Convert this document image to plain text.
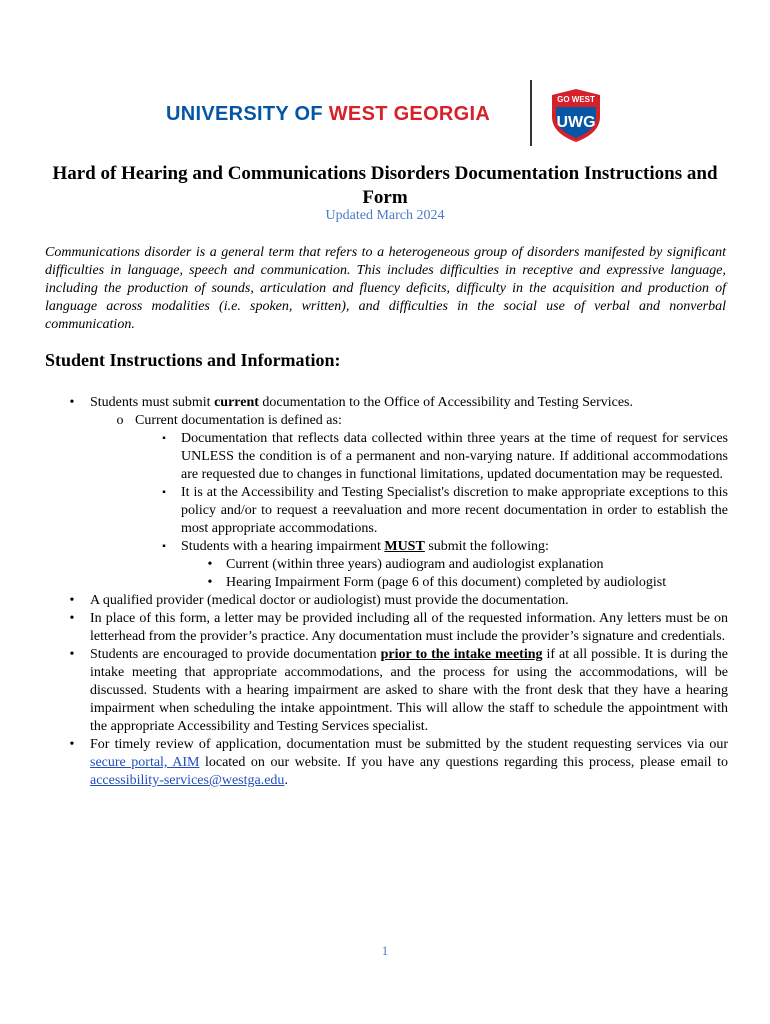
UNIVERSITY OF WEST GEORGIA
GO WEST
UWG
Hard of Hearing and Communications Disorders Documentation Instructions and Form
Updated March 2024
Communications disorder is a general term that refers to a heterogeneous group of disorders manifested by significant difficulties in language, speech and communication. This includes difficulties in receptive and expressive language, including the production of sounds, articulation and fluency deficits, difficulty in the acquisition and production of language across modalities (i.e. spoken, written), and difficulties in the social use of verbal and nonverbal communication.
Student Instructions and Information:
•	Students must submit current documentation to the Office of Accessibility and Testing Services.
o Current documentation is defined as:
▪	Documentation that reflects data collected within three years at the time of request for services UNLESS the condition is of a permanent and non-varying nature. If additional accommodations are requested due to changes in functional limitations, updated documentation may be requested.
▪	It is at the Accessibility and Testing Specialist's discretion to make appropriate exceptions to this policy and/or to request a reevaluation and more recent documentation in order to establish the most appropriate accommodations.
▪	Students with a hearing impairment MUST submit the following:
• Current (within three years) audiogram and audiologist explanation
• Hearing Impairment Form (page 6 of this document) completed by audiologist
•	A qualified provider (medical doctor or audiologist) must provide the documentation.
•	In place of this form, a letter may be provided including all of the requested information. Any letters must be on letterhead from the provider’s practice. Any documentation must include the provider’s signature and credentials.
•	Students are encouraged to provide documentation prior to the intake meeting if at all possible. It is during the intake meeting that appropriate accommodations, and the process for using the accommodations, will be discussed. Students with a hearing impairment are asked to share with the front desk that they have a hearing impairment when scheduling the intake appointment. This will allow the staff to schedule the appointment with the appropriate Accessibility and Testing Services specialist.
•	For timely review of application, documentation must be submitted by the student requesting services via our secure portal, AIM located on our website. If you have any questions regarding this process, please email to accessibility-services@westga.edu.
1
